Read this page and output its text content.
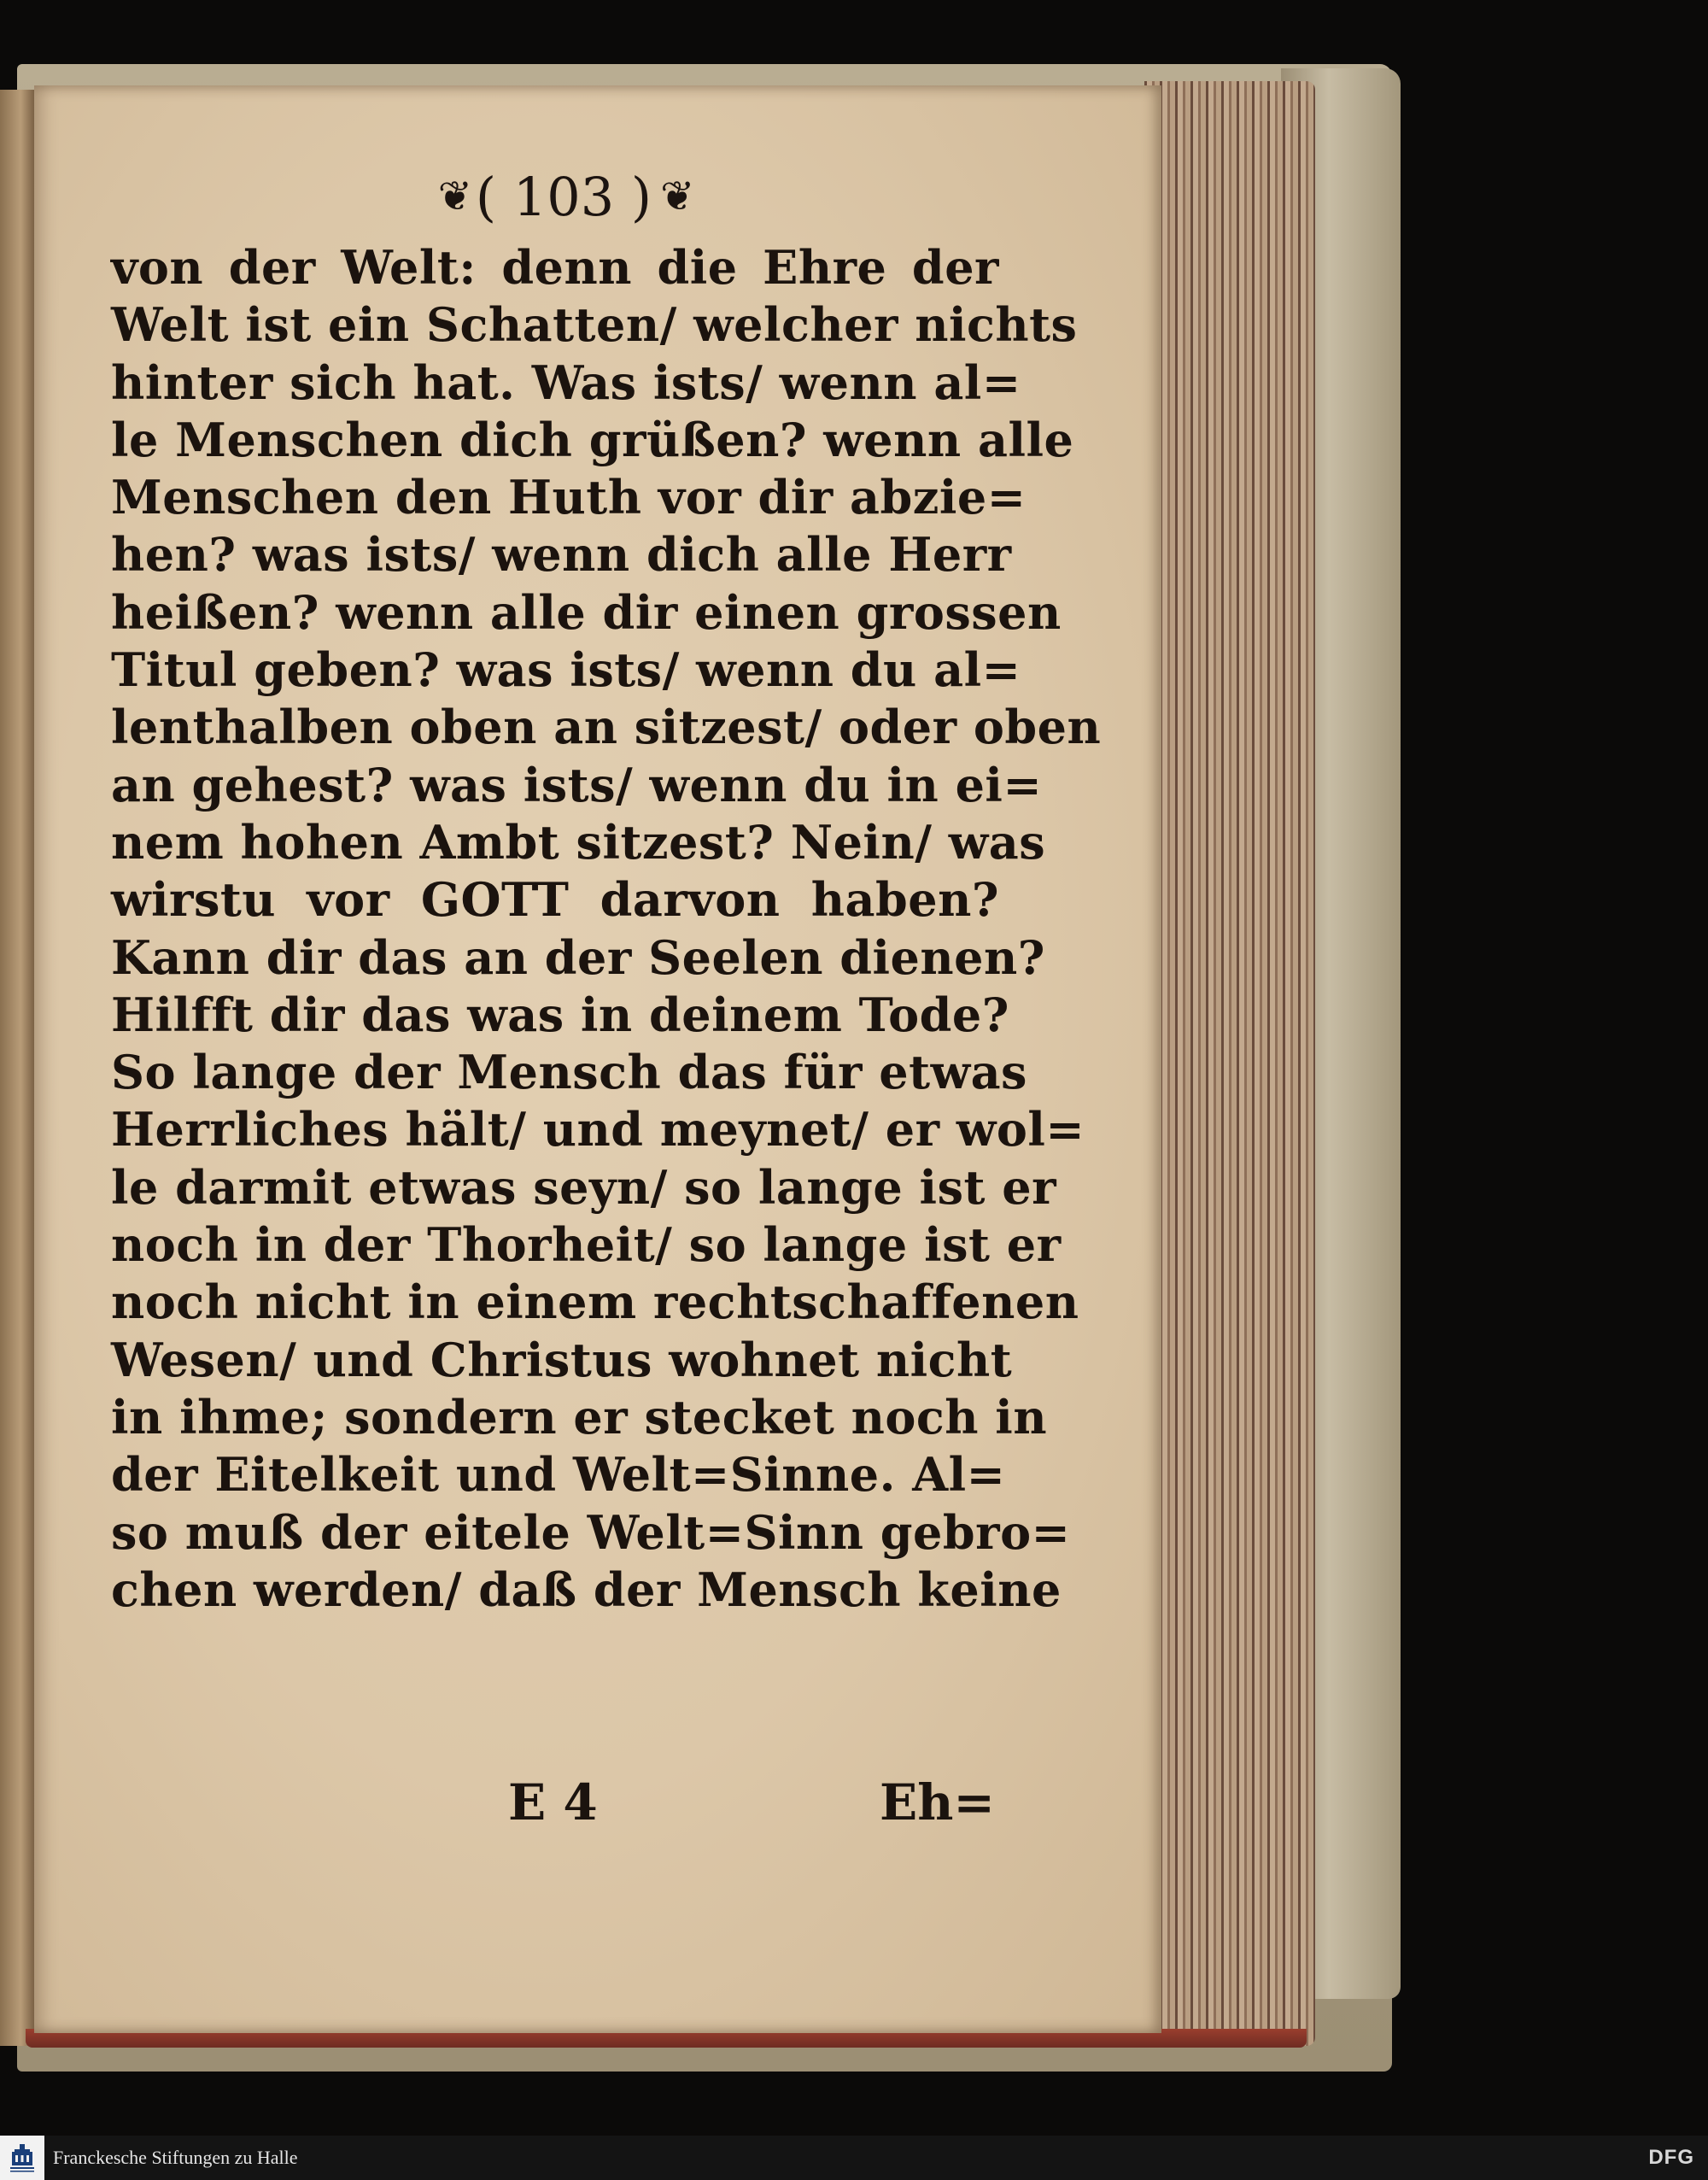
❦ ( 103 ) ❦
von der Welt: denn die Ehre der
Welt ist ein Schatten/ welcher nichts
hinter sich hat. Was ists/ wenn al=
le Menschen dich grüßen? wenn alle
Menschen den Huth vor dir abzie=
hen? was ists/ wenn dich alle Herr
heißen? wenn alle dir einen grossen
Titul geben? was ists/ wenn du al=
lenthalben oben an sitzest/ oder oben
an gehest? was ists/ wenn du in ei=
nem hohen Ambt sitzest? Nein/ was
wirstu vor GOTT darvon haben?
Kann dir das an der Seelen dienen?
Hilfft dir das was in deinem Tode?
So lange der Mensch das für etwas
Herrliches hält/ und meynet/ er wol=
le darmit etwas seyn/ so lange ist er
noch in der Thorheit/ so lange ist er
noch nicht in einem rechtschaffenen
Wesen/ und Christus wohnet nicht
in ihme; sondern er stecket noch in
der Eitelkeit und Welt=Sinne. Al=
so muß der eitele Welt=Sinn gebro=
chen werden/ daß der Mensch keine
E 4	Eh=
Franckesche Stiftungen zu Halle	DFG
